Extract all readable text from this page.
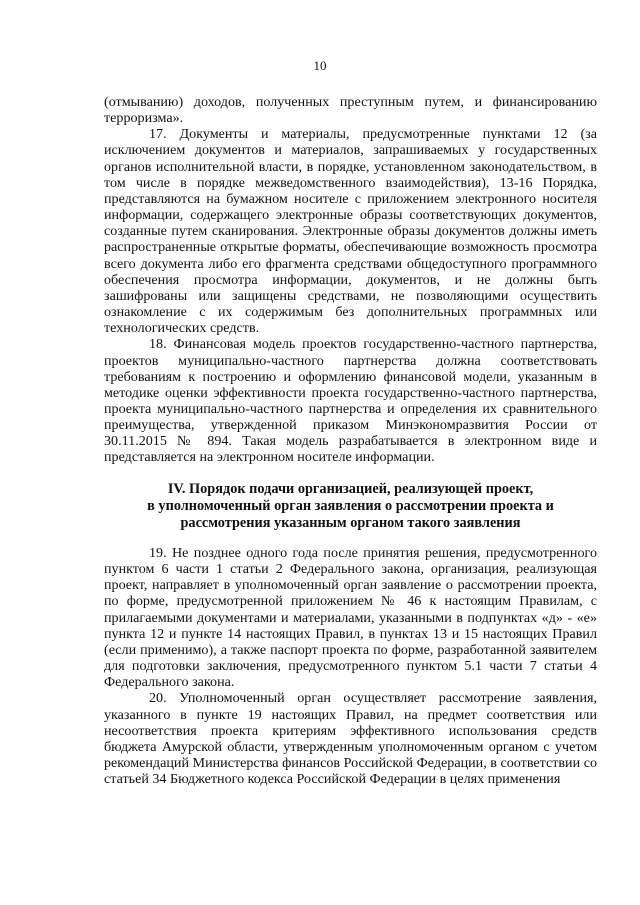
10

(отмыванию) доходов, полученных преступным путем, и финансированию терроризма».

17. Документы и материалы, предусмотренные пунктами 12 (за исключением документов и материалов, запрашиваемых у государственных органов исполнительной власти, в порядке, установленном законодательством, в том числе в порядке межведомственного взаимодействия), 13-16 Порядка, представляются на бумажном носителе с приложением электронного носителя информации, содержащего электронные образы соответствующих документов, созданные путем сканирования. Электронные образы документов должны иметь распространенные открытые форматы, обеспечивающие возможность просмотра всего документа либо его фрагмента средствами общедоступного программного обеспечения просмотра информации, документов, и не должны быть зашифрованы или защищены средствами, не позволяющими осуществить ознакомление с их содержимым без дополнительных программных или технологических средств.

18. Финансовая модель проектов государственно-частного партнерства, проектов муниципально-частного партнерства должна соответствовать требованиям к построению и оформлению финансовой модели, указанным в методике оценки эффективности проекта государственно-частного партнерства, проекта муниципально-частного партнерства и определения их сравнительного преимущества, утвержденной приказом Минэкономразвития России от 30.11.2015 № 894. Такая модель разрабатывается в электронном виде и представляется на электронном носителе информации.

IV. Порядок подачи организацией, реализующей проект,
в уполномоченный орган заявления о рассмотрении проекта и
рассмотрения указанным органом такого заявления

19. Не позднее одного года после принятия решения, предусмотренного пунктом 6 части 1 статьи 2 Федерального закона, организация, реализующая проект, направляет в уполномоченный орган заявление о рассмотрении проекта, по форме, предусмотренной приложением № 46 к настоящим Правилам, с прилагаемыми документами и материалами, указанными в подпунктах «д» - «е» пункта 12 и пункте 14 настоящих Правил, в пунктах 13 и 15 настоящих Правил (если применимо), а также паспорт проекта по форме, разработанной заявителем для подготовки заключения, предусмотренного пунктом 5.1 части 7 статьи 4 Федерального закона.

20. Уполномоченный орган осуществляет рассмотрение заявления, указанного в пункте 19 настоящих Правил, на предмет соответствия или несоответствия проекта критериям эффективного использования средств бюджета Амурской области, утвержденным уполномоченным органом с учетом рекомендаций Министерства финансов Российской Федерации, в соответствии со статьей 34 Бюджетного кодекса Российской Федерации в целях применения
